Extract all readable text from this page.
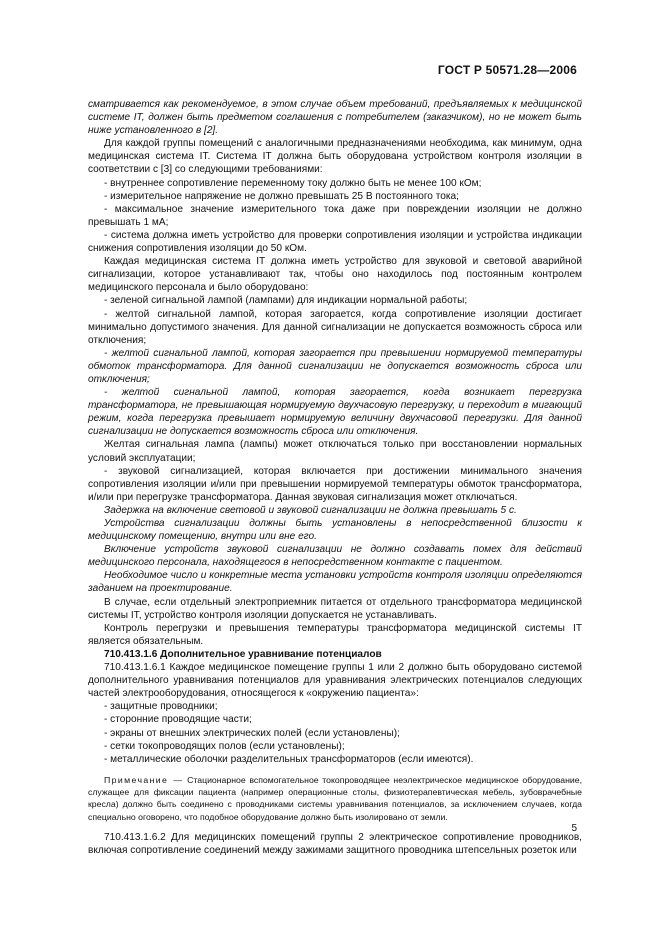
ГОСТ Р 50571.28—2006

сматривается как рекомендуемое, в этом случае объем требований, предъявляемых к медицинской системе IT, должен быть предметом соглашения с потребителем (заказчиком), но не может быть ниже установленного в [2].

Для каждой группы помещений с аналогичными предназначениями необходима, как минимум, одна медицинская система IT. Система IT должна быть оборудована устройством контроля изоляции в соответствии с [3] со следующими требованиями:

- внутреннее сопротивление переменному току должно быть не менее 100 кОм;

- измерительное напряжение не должно превышать 25 В постоянного тока;

- максимальное значение измерительного тока даже при повреждении изоляции не должно превышать 1 мА;

- система должна иметь устройство для проверки сопротивления изоляции и устройства индикации снижения сопротивления изоляции до 50 кОм.

Каждая медицинская система IT должна иметь устройство для звуковой и световой аварийной сигнализации, которое устанавливают так, чтобы оно находилось под постоянным контролем медицинского персонала и было оборудовано:

- зеленой сигнальной лампой (лампами) для индикации нормальной работы;

- желтой сигнальной лампой, которая загорается, когда сопротивление изоляции достигает минимально допустимого значения. Для данной сигнализации не допускается возможность сброса или отключения;

- желтой сигнальной лампой, которая загорается при превышении нормируемой температуры обмоток трансформатора. Для данной сигнализации не допускается возможность сброса или отключения;

- желтой сигнальной лампой, которая загорается, когда возникает перегрузка трансформатора, не превышающая нормируемую двухчасовую перегрузку, и переходит в мигающий режим, когда перегрузка превышает нормируемую величину двухчасовой перегрузки. Для данной сигнализации не допускается возможность сброса или отключения.

Желтая сигнальная лампа (лампы) может отключаться только при восстановлении нормальных условий эксплуатации;

- звуковой сигнализацией, которая включается при достижении минимального значения сопротивления изоляции и/или при превышении нормируемой температуры обмоток трансформатора, и/или при перегрузке трансформатора. Данная звуковая сигнализация может отключаться.

Задержка на включение световой и звуковой сигнализации не должна превышать 5 с.

Устройства сигнализации должны быть установлены в непосредственной близости к медицинскому помещению, внутри или вне его.

Включение устройств звуковой сигнализации не должно создавать помех для действий медицинского персонала, находящегося в непосредственном контакте с пациентом.

Необходимое число и конкретные места установки устройств контроля изоляции определяются заданием на проектирование.

В случае, если отдельный электроприемник питается от отдельного трансформатора медицинской системы IT, устройство контроля изоляции допускается не устанавливать.

Контроль перегрузки и превышения температуры трансформатора медицинской системы IT является обязательным.

710.413.1.6 Дополнительное уравнивание потенциалов

710.413.1.6.1 Каждое медицинское помещение группы 1 или 2 должно быть оборудовано системой дополнительного уравнивания потенциалов для уравнивания электрических потенциалов следующих частей электрооборудования, относящегося к «окружению пациента»:

- защитные проводники;

- сторонние проводящие части;

- экраны от внешних электрических полей (если установлены);

- сетки токопроводящих полов (если установлены);

- металлические оболочки разделительных трансформаторов (если имеются).

Примечание — Стационарное вспомогательное токопроводящее неэлектрическое медицинское оборудование, служащее для фиксации пациента (например операционные столы, физиотерапевтическая мебель, зубоврачебные кресла) должно быть соединено с проводниками системы уравнивания потенциалов, за исключением случаев, когда специально оговорено, что подобное оборудование должно быть изолировано от земли.

710.413.1.6.2 Для медицинских помещений группы 2 электрическое сопротивление проводников, включая сопротивление соединений между зажимами защитного проводника штепсельных розеток или

5
